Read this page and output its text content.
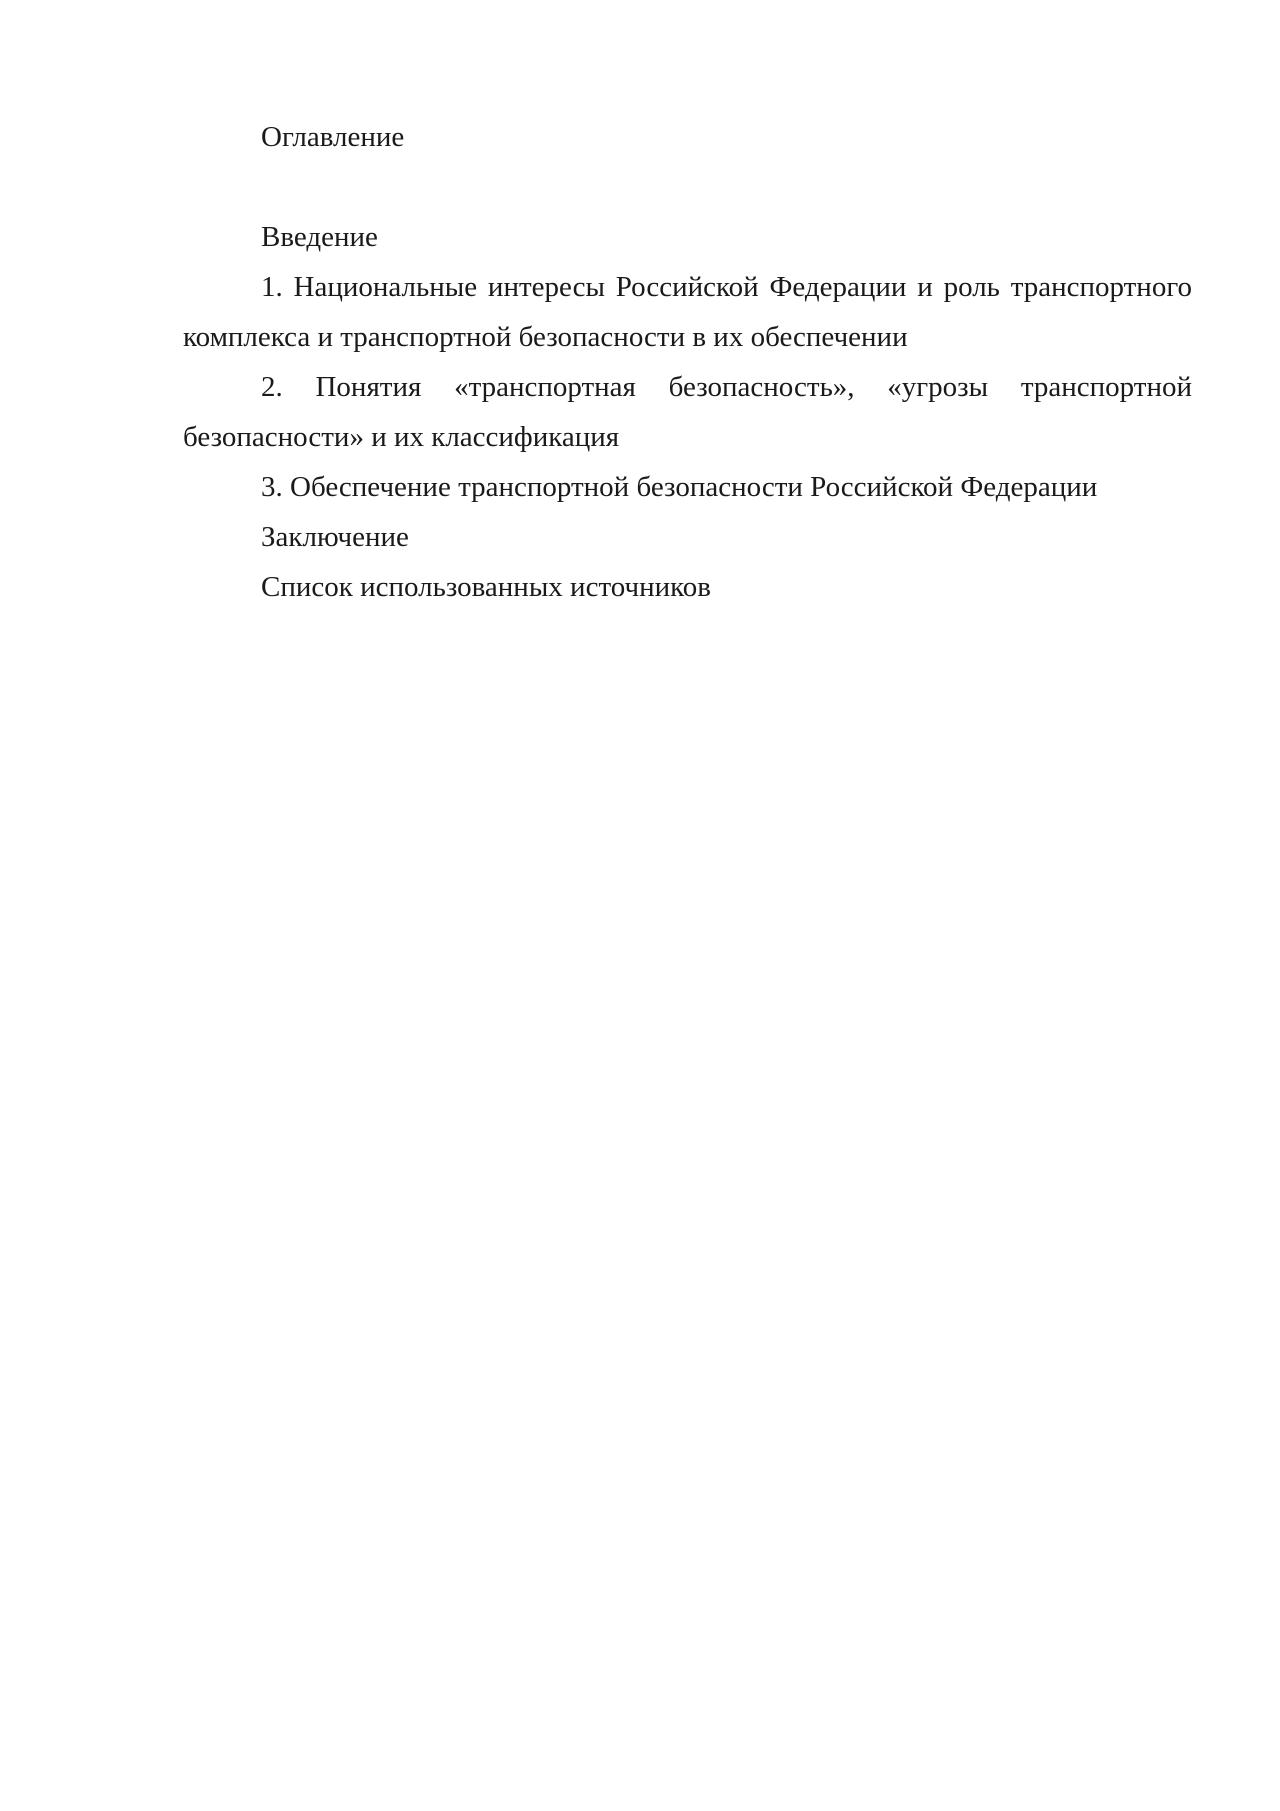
Оглавление

Введение

1. Национальные интересы Российской Федерации и роль транспортного комплекса и транспортной безопасности в их обеспечении

2. Понятия «транспортная безопасность», «угрозы транспортной безопасности» и их классификация

3. Обеспечение транспортной безопасности Российской Федерации

Заключение

Список использованных источников
